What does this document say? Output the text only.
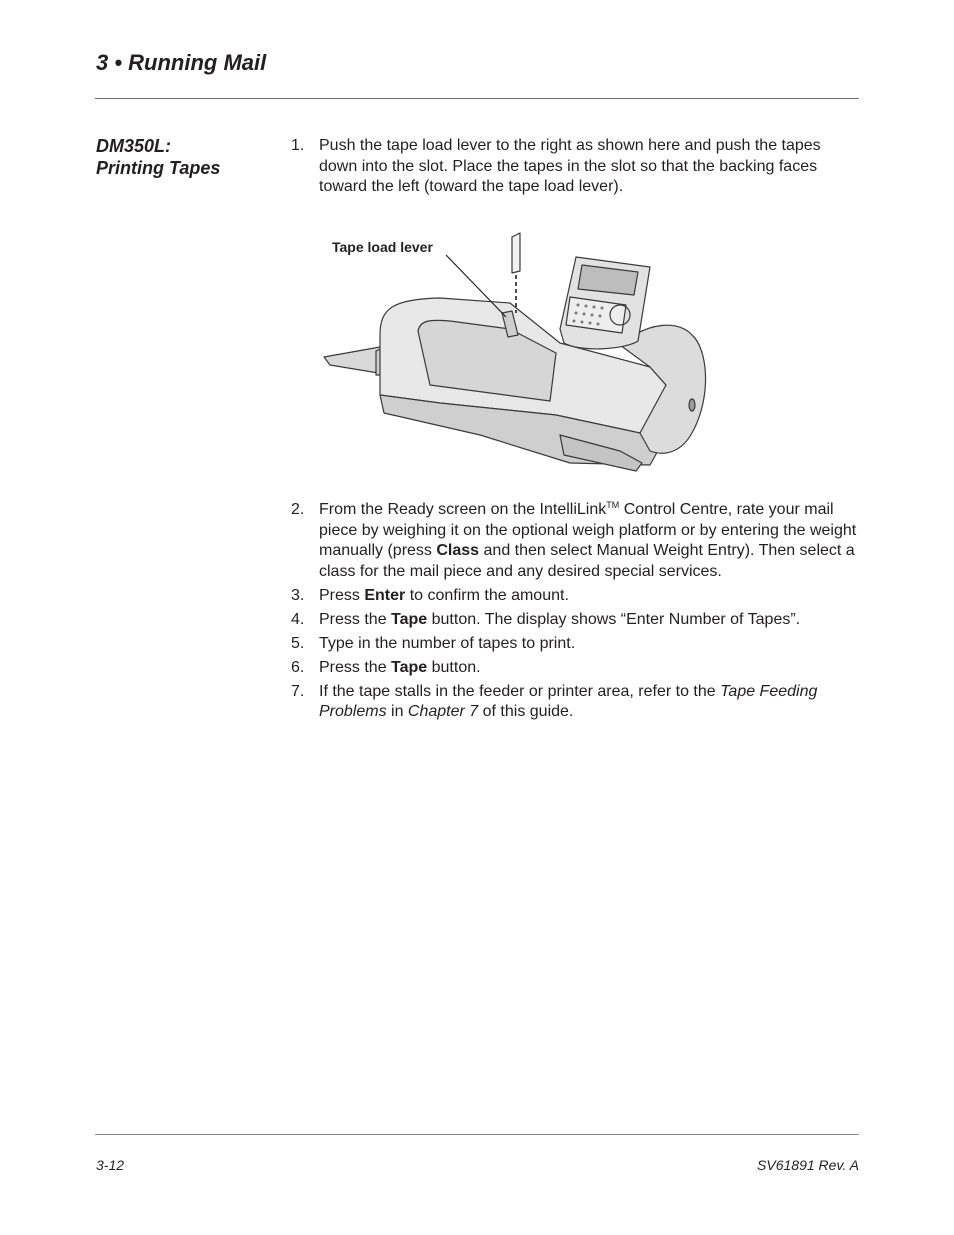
3 • Running Mail
DM350L:
Printing Tapes
1. Push the tape load lever to the right as shown here and push the tapes down into the slot. Place the tapes in the slot so that the backing faces toward the left (toward the tape load lever).
Tape load lever
2. From the Ready screen on the IntelliLink™ Control Centre, rate your mail piece by weighing it on the optional weigh platform or by entering the weight manually (press Class and then select Manual Weight Entry). Then select a class for the mail piece and any desired special services.
3. Press Enter to confirm the amount.
4. Press the Tape button. The display shows “Enter Number of Tapes”.
5. Type in the number of tapes to print.
6. Press the Tape button.
7. If the tape stalls in the feeder or printer area, refer to the Tape Feeding Problems in Chapter 7 of this guide.
3-12	SV61891 Rev. A
